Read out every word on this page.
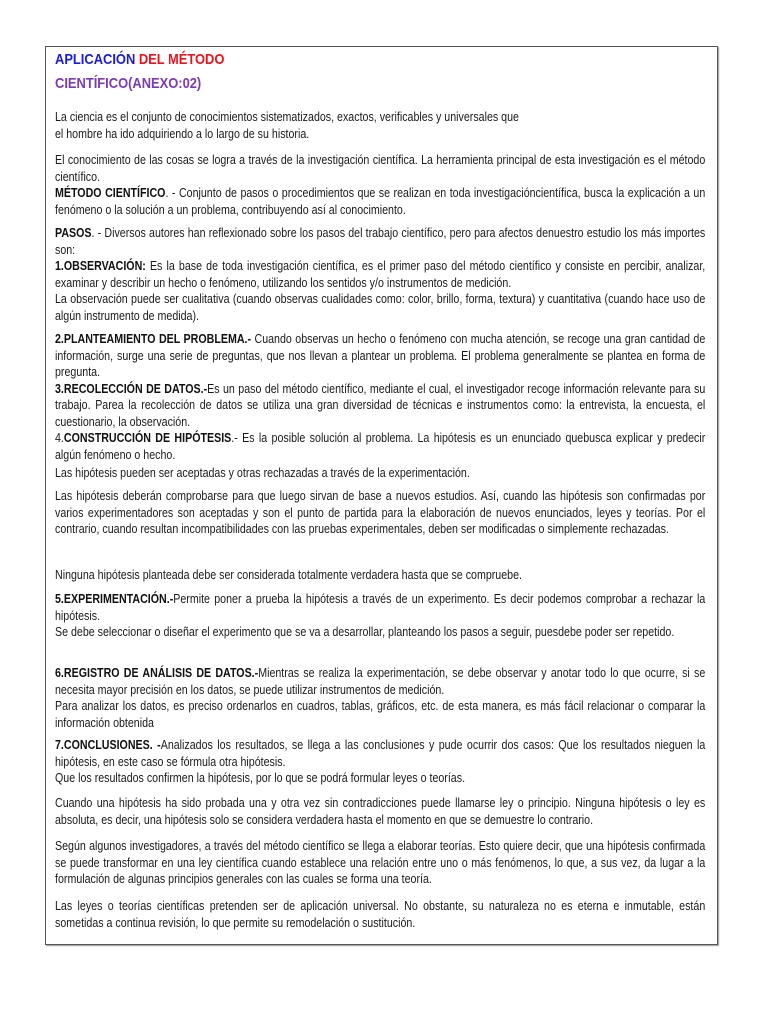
APLICACIÓN DEL MÉTODO
CIENTÍFICO(ANEXO:02)

La ciencia es el conjunto de conocimientos sistematizados, exactos, verificables y universales que

el hombre ha ido adquiriendo a lo largo de su historia.

El conocimiento de las cosas se logra a través de la investigación científica. La herramienta principal de esta investigación es el método científico.

MÉTODO CIENTÍFICO. - Conjunto de pasos o procedimientos que se realizan en toda investigacióncientífica, busca la explicación a un fenómeno o la solución a un problema, contribuyendo así al conocimiento.

PASOS. - Diversos autores han reflexionado sobre los pasos del trabajo científico, pero para afectos denuestro estudio los más importes son:

1.OBSERVACIÓN: Es la base de toda investigación científica, es el primer paso del método científico y consiste en percibir, analizar, examinar y describir un hecho o fenómeno, utilizando los sentidos y/o instrumentos de medición.

La observación puede ser cualitativa (cuando observas cualidades como: color, brillo, forma, textura) y cuantitativa (cuando hace uso de algún instrumento de medida).

2.PLANTEAMIENTO DEL PROBLEMA.- Cuando observas un hecho o fenómeno con mucha atención, se recoge una gran cantidad de información, surge una serie de preguntas, que nos llevan a plantear un problema. El problema generalmente se plantea en forma de pregunta.

3.RECOLECCIÓN DE DATOS.-Es un paso del método científico, mediante el cual, el investigador recoge información relevante para su trabajo. Parea la recolección de datos se utiliza una gran diversidad de técnicas e instrumentos como: la entrevista, la encuesta, el cuestionario, la observación.

4.CONSTRUCCIÓN DE HIPÓTESIS.- Es la posible solución al problema. La hipótesis es un enunciado quebusca explicar y predecir algún fenómeno o hecho.

Las hipótesis pueden ser aceptadas y otras rechazadas a través de la experimentación.

Las hipótesis deberán comprobarse para que luego sirvan de base a nuevos estudios. Así, cuando las hipótesis son confirmadas por varios experimentadores son aceptadas y son el punto de partida para la elaboración de nuevos enunciados, leyes y teorías. Por el contrario, cuando resultan incompatibilidades con las pruebas experimentales, deben ser modificadas o simplemente rechazadas.
Ninguna hipótesis planteada debe ser considerada totalmente verdadera hasta que se compruebe.

5.EXPERIMENTACIÓN.-Permite poner a prueba la hipótesis a través de un experimento. Es decir podemos comprobar a rechazar la hipótesis.

Se debe seleccionar o diseñar el experimento que se va a desarrollar, planteando los pasos a seguir, puesdebe poder ser repetido.

6.REGISTRO DE ANÁLISIS DE DATOS.-Mientras se realiza la experimentación, se debe observar y anotar todo lo que ocurre, si se necesita mayor precisión en los datos, se puede utilizar instrumentos de medición.

Para analizar los datos, es preciso ordenarlos en cuadros, tablas, gráficos, etc. de esta manera, es más fácil relacionar o comparar la información obtenida

7.CONCLUSIONES. -Analizados los resultados, se llega a las conclusiones y pude ocurrir dos casos: Que los resultados nieguen la hipótesis, en este caso se fórmula otra hipótesis.

Que los resultados confirmen la hipótesis, por lo que se podrá formular leyes o teorías.

Cuando una hipótesis ha sido probada una y otra vez sin contradicciones puede llamarse ley o principio. Ninguna hipótesis o ley es absoluta, es decir, una hipótesis solo se considera verdadera hasta el momento en que se demuestre lo contrario.
Según algunos investigadores, a través del método científico se llega a elaborar teorías. Esto quiere decir, que una hipótesis confirmada se puede transformar en una ley científica cuando establece una relación entre uno o más fenómenos, lo que, a sus vez, da lugar a la formulación de algunas principios generales con las cuales se forma una teoría.
Las leyes o teorías científicas pretenden ser de aplicación universal. No obstante, su naturaleza no es eterna e inmutable, están sometidas a continua revisión, lo que permite su remodelación o sustitución.
